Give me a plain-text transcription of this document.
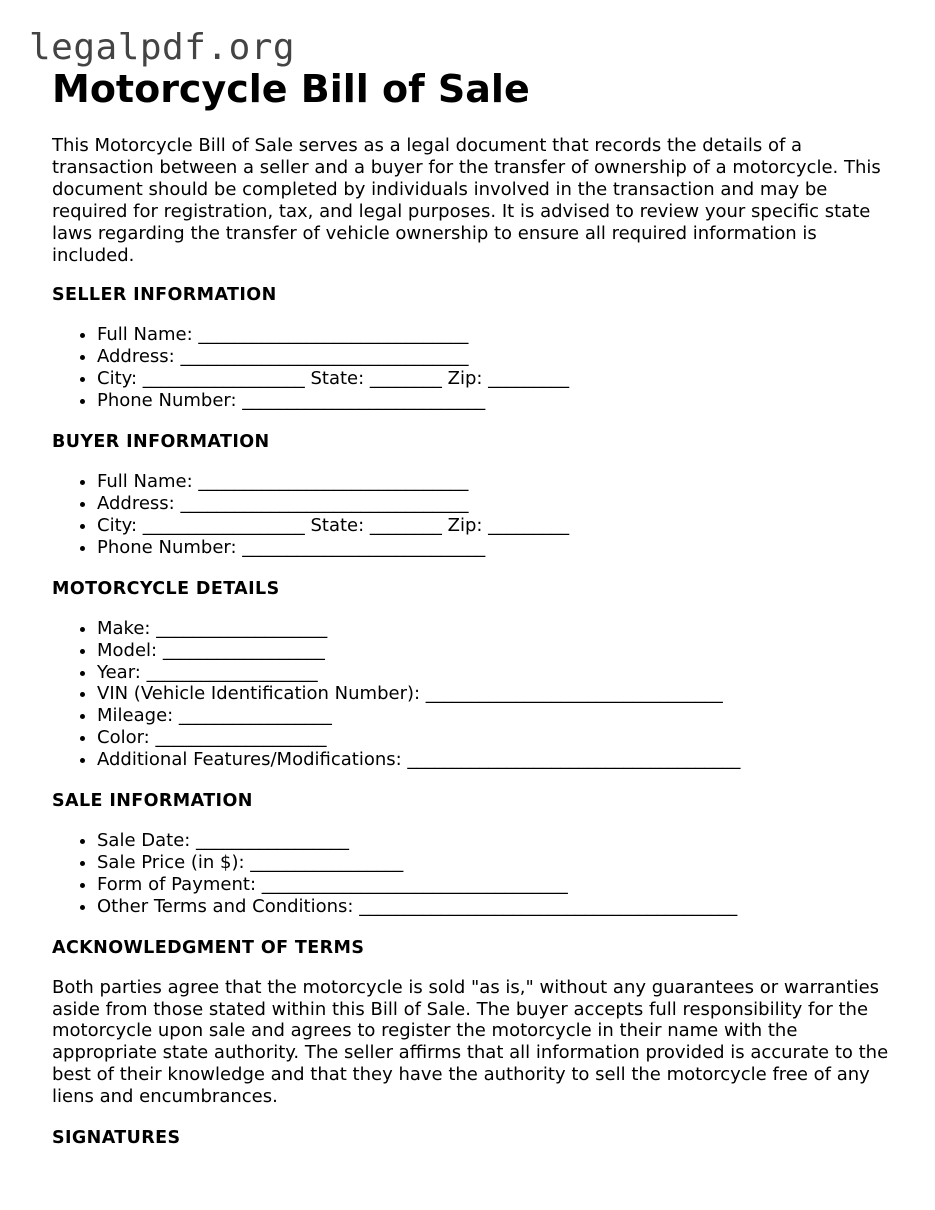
legalpdf.org
Motorcycle Bill of Sale

This Motorcycle Bill of Sale serves as a legal document that records the details of a transaction between a seller and a buyer for the transfer of ownership of a motorcycle. This document should be completed by individuals involved in the transaction and may be required for registration, tax, and legal purposes. It is advised to review your specific state laws regarding the transfer of vehicle ownership to ensure all required information is included.

SELLER INFORMATION
• Full Name: ______________________________
• Address: ________________________________
• City: __________________ State: ________ Zip: _________
• Phone Number: ___________________________
BUYER INFORMATION
• Full Name: ______________________________
• Address: ________________________________
• City: __________________ State: ________ Zip: _________
• Phone Number: ___________________________
MOTORCYCLE DETAILS
• Make: ___________________
• Model: __________________
• Year: ___________________
• VIN (Vehicle Identification Number): _________________________________
• Mileage: _________________
• Color: ___________________
• Additional Features/Modifications: _____________________________________
SALE INFORMATION
• Sale Date: _________________
• Sale Price (in $): _________________
• Form of Payment: __________________________________
• Other Terms and Conditions: __________________________________________
ACKNOWLEDGMENT OF TERMS

Both parties agree that the motorcycle is sold "as is," without any guarantees or warranties aside from those stated within this Bill of Sale. The buyer accepts full responsibility for the motorcycle upon sale and agrees to register the motorcycle in their name with the appropriate state authority. The seller affirms that all information provided is accurate to the best of their knowledge and that they have the authority to sell the motorcycle free of any liens and encumbrances.

SIGNATURES
